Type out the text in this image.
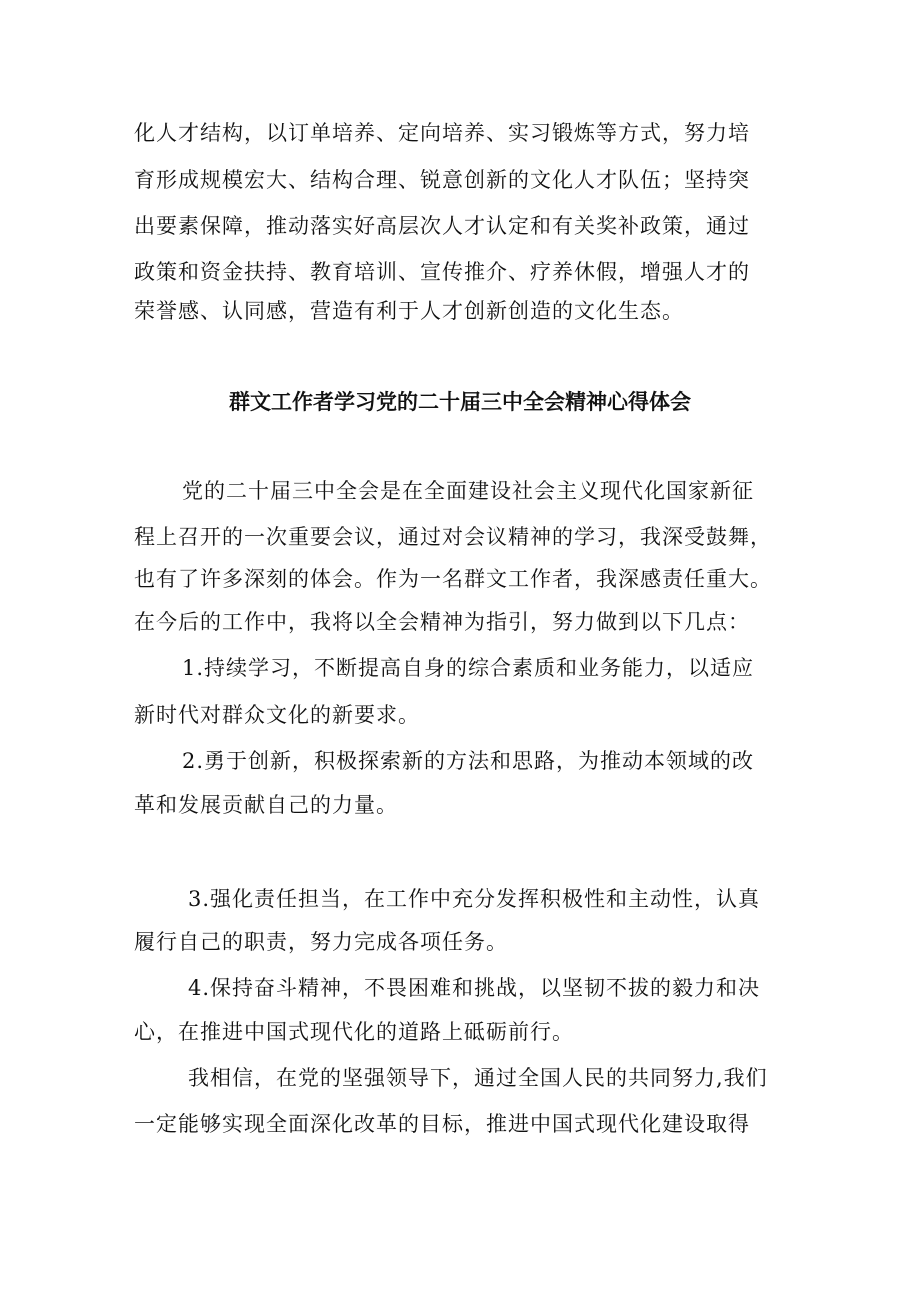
化人才结构，以订单培养、定向培养、实习锻炼等方式，努力培
育形成规模宏大、结构合理、锐意创新的文化人才队伍；坚持突
出要素保障，推动落实好高层次人才认定和有关奖补政策，通过
政策和资金扶持、教育培训、宣传推介、疗养休假，增强人才的
荣誉感、认同感，营造有利于人才创新创造的文化生态。
群文工作者学习党的二十届三中全会精神心得体会
党的二十届三中全会是在全面建设社会主义现代化国家新征
程上召开的一次重要会议，通过对会议精神的学习，我深受鼓舞，
也有了许多深刻的体会。作为一名群文工作者，我深感责任重大。
在今后的工作中，我将以全会精神为指引，努力做到以下几点：
1.持续学习，不断提高自身的综合素质和业务能力，以适应
新时代对群众文化的新要求。
2.勇于创新，积极探索新的方法和思路，为推动本领域的改
革和发展贡献自己的力量。
3.强化责任担当，在工作中充分发挥积极性和主动性，认真
履行自己的职责，努力完成各项任务。
4.保持奋斗精神，不畏困难和挑战，以坚韧不拔的毅力和决
心，在推进中国式现代化的道路上砥砺前行。
我相信，在党的坚强领导下，通过全国人民的共同努力,我们
一定能够实现全面深化改革的目标，推进中国式现代化建设取得
